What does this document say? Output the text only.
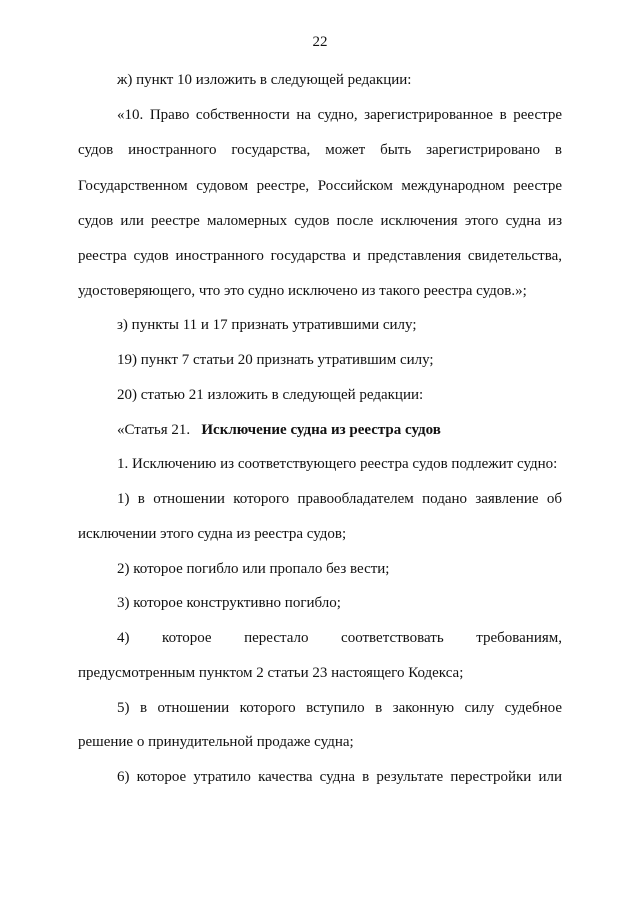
22
ж) пункт 10 изложить в следующей редакции:
«10. Право собственности на судно, зарегистрированное в реестре
судов иностранного государства, может быть зарегистрировано в
Государственном судовом реестре, Российском международном реестре
судов или реестре маломерных судов после исключения этого судна из
реестра судов иностранного государства и представления свидетельства,
удостоверяющего, что это судно исключено из такого реестра судов.»;
з) пункты 11 и 17 признать утратившими силу;
19) пункт 7 статьи 20 признать утратившим силу;
20) статью 21 изложить в следующей редакции:
«Статья 21. Исключение судна из реестра судов
1. Исключению из соответствующего реестра судов подлежит судно:
1) в отношении которого правообладателем подано заявление об
исключении этого судна из реестра судов;
2) которое погибло или пропало без вести;
3) которое конструктивно погибло;
4) которое перестало соответствовать требованиям,
предусмотренным пунктом 2 статьи 23 настоящего Кодекса;
5) в отношении которого вступило в законную силу судебное
решение о принудительной продаже судна;
6) которое утратило качества судна в результате перестройки или
